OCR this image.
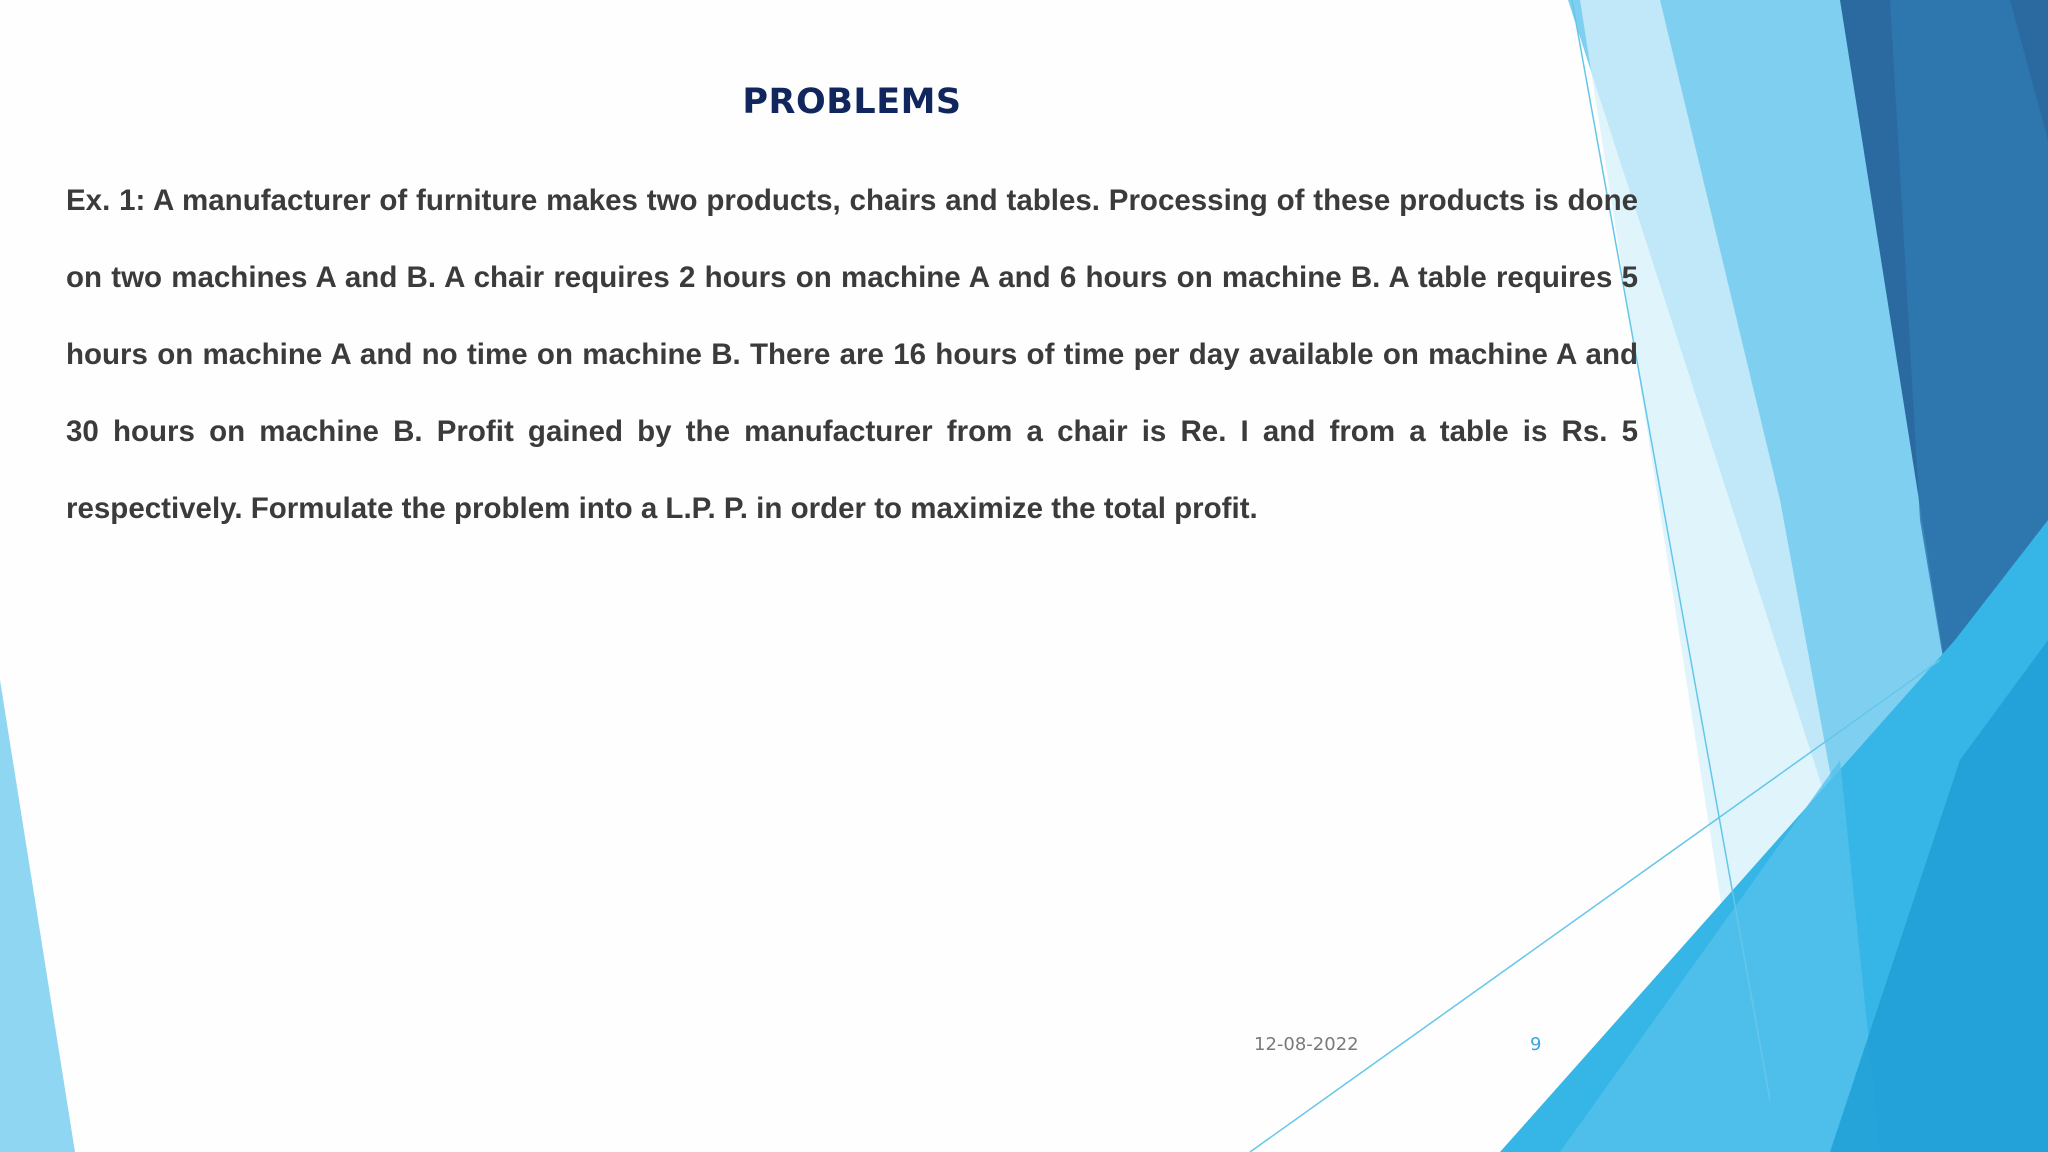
PROBLEMS
Ex. 1: A manufacturer of furniture makes two products, chairs and tables. Processing of these products is done on two machines A and B. A chair requires 2 hours on machine A and 6 hours on machine B. A table requires 5 hours on machine A and no time on machine B. There are 16 hours of time per day available on machine A and 30 hours on machine B. Profit gained by the manufacturer from a chair is Re. I and from a table is Rs. 5 respectively. Formulate the problem into a L.P. P. in order to maximize the total profit.
12-08-2022	9
